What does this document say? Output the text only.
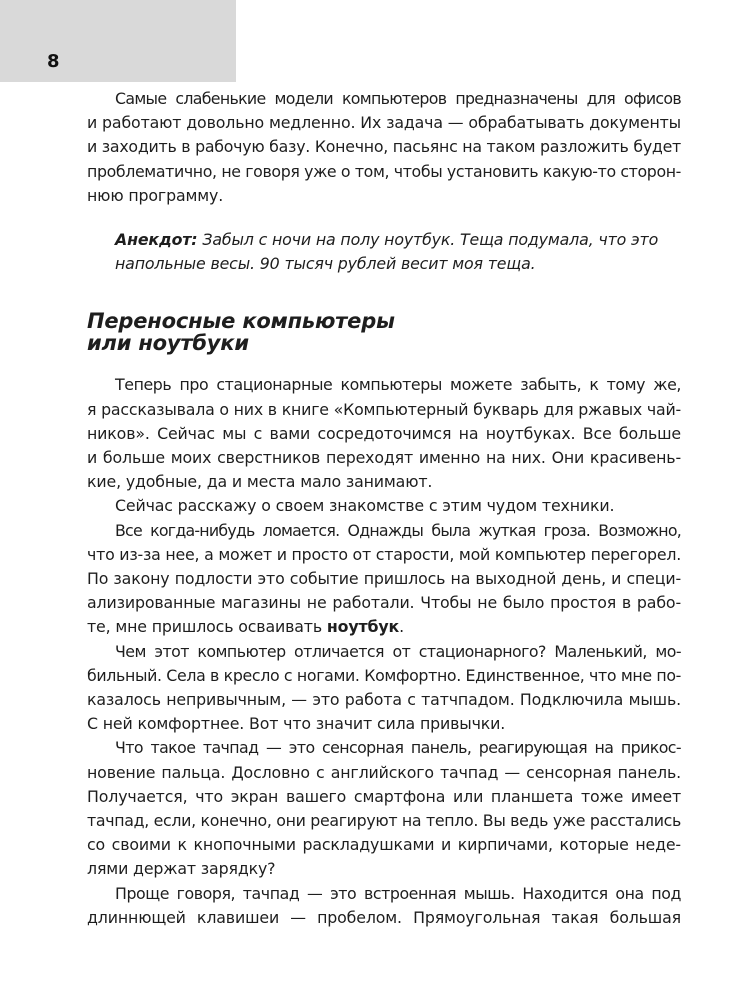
8
Самые слабенькие модели компьютеров предназначены для офисов
и работают довольно медленно. Их задача — обрабатывать документы
и заходить в рабочую базу. Конечно, пасьянс на таком разложить будет
проблематично, не говоря уже о том, чтобы установить какую-то сторон-
нюю программу.

Анекдот: Забыл с ночи на полу ноутбук. Теща подумала, что это
напольные весы. 90 тысяч рублей весит моя теща.

Переносные компьютеры
или ноутбуки
Теперь про стационарные компьютеры можете забыть, к тому же,
я рассказывала о них в книге «Компьютерный букварь для ржавых чай-
ников». Сейчас мы с вами сосредоточимся на ноутбуках. Все больше
и больше моих сверстников переходят именно на них. Они красивень-
кие, удобные, да и места мало занимают.
Сейчас расскажу о своем знакомстве с этим чудом техники.
Все когда-нибудь ломается. Однажды была жуткая гроза. Возможно,
что из-за нее, а может и просто от старости, мой компьютер перегорел.
По закону подлости это событие пришлось на выходной день, и специ-
ализированные магазины не работали. Чтобы не было простоя в рабо-
те, мне пришлось осваивать ноутбук.
Чем этот компьютер отличается от стационарного? Маленький, мо-
бильный. Села в кресло с ногами. Комфортно. Единственное, что мне по-
казалось непривычным, — это работа с татчпадом. Подключила мышь.
С ней комфортнее. Вот что значит сила привычки.
Что такое тачпад — это сенсорная панель, реагирующая на прикос-
новение пальца. Дословно с английского тачпад — сенсорная панель.
Получается, что экран вашего смартфона или планшета тоже имеет
тачпад, если, конечно, они реагируют на тепло. Вы ведь уже расстались
со своими к кнопочными раскладушками и кирпичами, которые неде-
лями держат зарядку?
Проще говоря, тачпад — это встроенная мышь. Находится она под
длиннющей клавишеи — пробелом. Прямоугольная такая большая
